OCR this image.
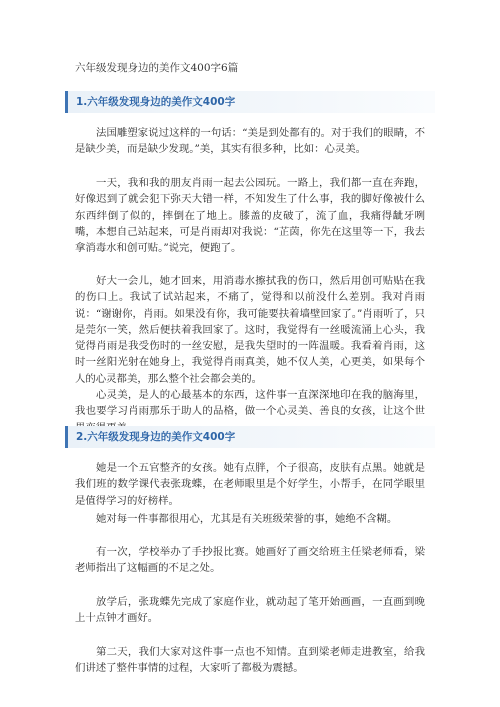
六年级发现身边的美作文400字6篇
1.六年级发现身边的美作文400字

法国雕塑家说过这样的一句话：“美是到处都有的。对于我们的眼睛，不是缺少美，而是缺少发现。”美，其实有很多种，比如：心灵美。

一天，我和我的朋友肖雨一起去公园玩。一路上，我们都一直在奔跑，好像迟到了就会犯下弥天大错一样，不知发生了什么事，我的脚好像被什么东西绊倒了似的，摔倒在了地上。膝盖的皮破了，流了血，我痛得龇牙咧嘴，本想自己站起来，可是肖雨却对我说：“芷茵，你先在这里等一下，我去拿消毒水和创可贴。”说完，便跑了。

好大一会儿，她才回来，用消毒水擦拭我的伤口，然后用创可贴贴在我的伤口上。我试了试站起来，不痛了，觉得和以前没什么差别。我对肖雨说：“谢谢你，肖雨。如果没有你，我可能要扶着墙壁回家了。”肖雨听了，只是莞尔一笑，然后便扶着我回家了。这时，我觉得有一丝暖流涌上心头，我觉得肖雨是我受伤时的一丝安慰，是我失望时的一阵温暖。我看着肖雨，这时一丝阳光射在她身上，我觉得肖雨真美，她不仅人美，心更美，如果每个人的心灵都美，那么整个社会都会美的。

心灵美，是人的心最基本的东西，这件事一直深深地印在我的脑海里，我也要学习肖雨那乐于助人的品格，做一个心灵美、善良的女孩，让这个世

2.六年级发现身边的美作文400字

她是一个五官整齐的女孩。她有点胖，个子很高，皮肤有点黑。她就是我们班的数学课代表张珑蝶，在老师眼里是个好学生，小帮手，在同学眼里是值得学习的好榜样。

她对每一件事都很用心，尤其是有关班级荣誉的事，她绝不含糊。

有一次，学校举办了手抄报比赛。她画好了画交给班主任梁老师看，梁老师指出了这幅画的不足之处。

放学后，张珑蝶先完成了家庭作业，就动起了笔开始画画，一直画到晚上十点钟才画好。

第二天，我们大家对这件事一点也不知情。直到梁老师走进教室，给我们讲述了整件事情的过程，大家听了都极为震撼。
